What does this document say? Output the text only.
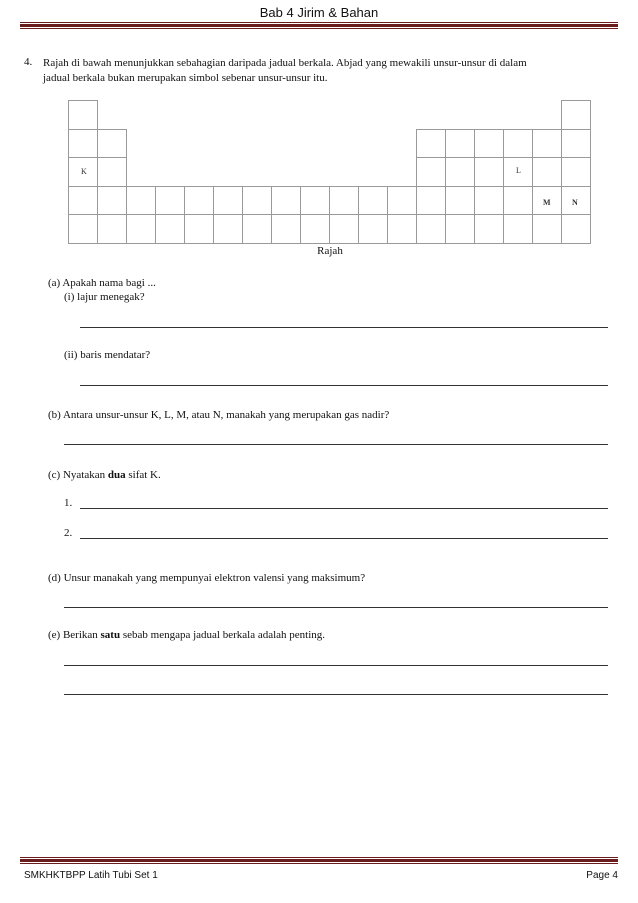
Bab 4 Jirim & Bahan
4. Rajah di bawah menunjukkan sebahagian daripada jadual berkala. Abjad yang mewakili unsur-unsur di dalam
jadual berkala bukan merupakan simbol sebenar unsur-unsur itu.
K	L
M	N
Rajah
(a) Apakah nama bagi ...
(i) lajur menegak?
(ii) baris mendatar?
(b) Antara unsur-unsur K, L, M, atau N, manakah yang merupakan gas nadir?
(c) Nyatakan dua sifat K.
1.
2.
(d) Unsur manakah yang mempunyai elektron valensi yang maksimum?
(e) Berikan satu sebab mengapa jadual berkala adalah penting.
SMKHKTBPP Latih Tubi Set 1	Page 4
